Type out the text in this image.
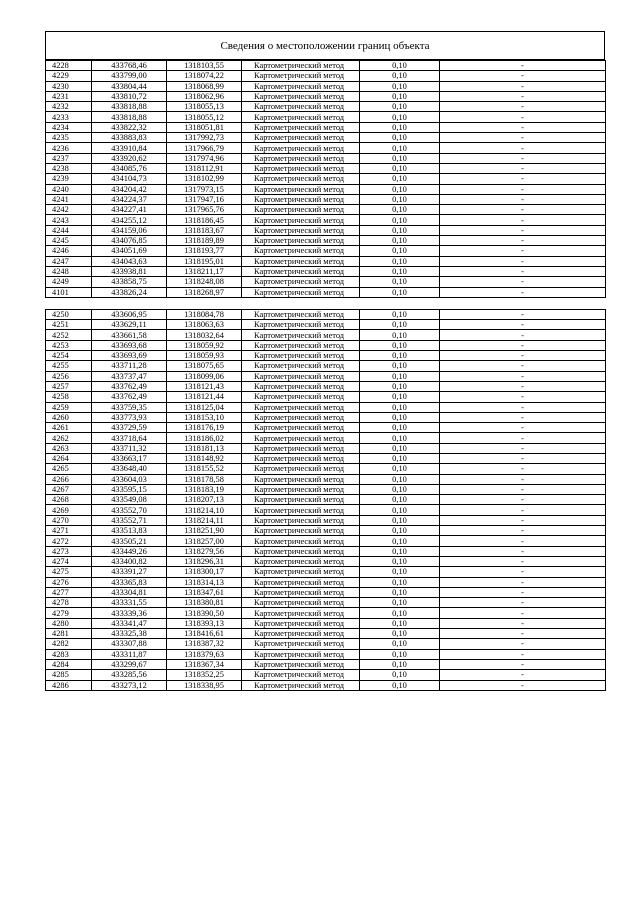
Сведения о местоположении границ объекта
4228	433768,46	1318103,55	Картометрический метод	0,10	-
4229	433799,00	1318074,22	Картометрический метод	0,10	-
4230	433804,44	1318068,99	Картометрический метод	0,10	-
4231	433810,72	1318062,96	Картометрический метод	0,10	-
4232	433818,88	1318055,13	Картометрический метод	0,10	-
4233	433818,88	1318055,12	Картометрический метод	0,10	-
4234	433822,32	1318051,81	Картометрический метод	0,10	-
4235	433883,83	1317992,73	Картометрический метод	0,10	-
4236	433910,84	1317966,79	Картометрический метод	0,10	-
4237	433920,62	1317974,96	Картометрический метод	0,10	-
4238	434085,76	1318112,91	Картометрический метод	0,10	-
4239	434104,73	1318102,99	Картометрический метод	0,10	-
4240	434204,42	1317973,15	Картометрический метод	0,10	-
4241	434224,37	1317947,16	Картометрический метод	0,10	-
4242	434227,41	1317965,76	Картометрический метод	0,10	-
4243	434255,12	1318186,45	Картометрический метод	0,10	-
4244	434159,06	1318183,67	Картометрический метод	0,10	-
4245	434076,85	1318189,89	Картометрический метод	0,10	-
4246	434051,69	1318193,77	Картометрический метод	0,10	-
4247	434043,63	1318195,01	Картометрический метод	0,10	-
4248	433938,81	1318211,17	Картометрический метод	0,10	-
4249	433858,75	1318248,08	Картометрический метод	0,10	-
4101	433826,24	1318268,97	Картометрический метод	0,10	-

4250	433606,95	1318084,78	Картометрический метод	0,10	-
4251	433629,11	1318063,63	Картометрический метод	0,10	-
4252	433661,58	1318032,64	Картометрический метод	0,10	-
4253	433693,68	1318059,92	Картометрический метод	0,10	-
4254	433693,69	1318059,93	Картометрический метод	0,10	-
4255	433711,28	1318075,65	Картометрический метод	0,10	-
4256	433737,47	1318099,06	Картометрический метод	0,10	-
4257	433762,49	1318121,43	Картометрический метод	0,10	-
4258	433762,49	1318121,44	Картометрический метод	0,10	-
4259	433759,35	1318125,04	Картометрический метод	0,10	-
4260	433773,93	1318153,10	Картометрический метод	0,10	-
4261	433729,59	1318176,19	Картометрический метод	0,10	-
4262	433718,64	1318186,02	Картометрический метод	0,10	-
4263	433711,32	1318181,13	Картометрический метод	0,10	-
4264	433663,17	1318148,92	Картометрический метод	0,10	-
4265	433648,40	1318155,52	Картометрический метод	0,10	-
4266	433604,03	1318178,58	Картометрический метод	0,10	-
4267	433595,15	1318183,19	Картометрический метод	0,10	-
4268	433549,08	1318207,13	Картометрический метод	0,10	-
4269	433552,70	1318214,10	Картометрический метод	0,10	-
4270	433552,71	1318214,11	Картометрический метод	0,10	-
4271	433513,83	1318251,90	Картометрический метод	0,10	-
4272	433505,21	1318257,00	Картометрический метод	0,10	-
4273	433449,26	1318279,56	Картометрический метод	0,10	-
4274	433400,82	1318296,31	Картометрический метод	0,10	-
4275	433391,27	1318300,17	Картометрический метод	0,10	-
4276	433365,83	1318314,13	Картометрический метод	0,10	-
4277	433304,81	1318347,61	Картометрический метод	0,10	-
4278	433331,55	1318380,81	Картометрический метод	0,10	-
4279	433339,36	1318390,50	Картометрический метод	0,10	-
4280	433341,47	1318393,13	Картометрический метод	0,10	-
4281	433325,38	1318416,61	Картометрический метод	0,10	-
4282	433307,88	1318387,32	Картометрический метод	0,10	-
4283	433311,87	1318379,63	Картометрический метод	0,10	-
4284	433299,67	1318367,34	Картометрический метод	0,10	-
4285	433285,56	1318352,25	Картометрический метод	0,10	-
4286	433273,12	1318338,95	Картометрический метод	0,10	-
